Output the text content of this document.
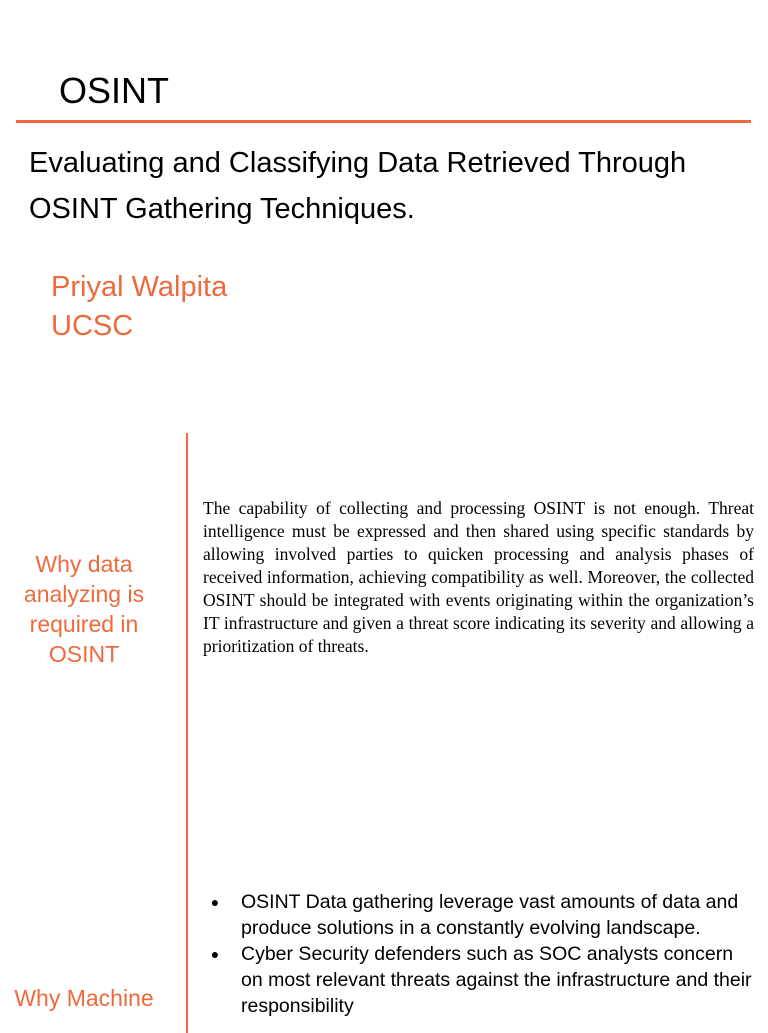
OSINT
Evaluating and Classifying Data Retrieved Through OSINT Gathering Techniques.
Priyal Walpita
UCSC
Why data analyzing is required in OSINT

The capability of collecting and processing OSINT is not enough. Threat intelligence must be expressed and then shared using specific standards by allowing involved parties to quicken processing and analysis phases of received information, achieving compatibility as well. Moreover, the collected OSINT should be integrated with events originating within the organization’s IT infrastructure and given a threat score indicating its severity and allowing a prioritization of threats.

Why Machine
● OSINT Data gathering leverage vast amounts of data and produce solutions in a constantly evolving landscape.
● Cyber Security defenders such as SOC analysts concern on most relevant threats against the infrastructure and their responsibility
